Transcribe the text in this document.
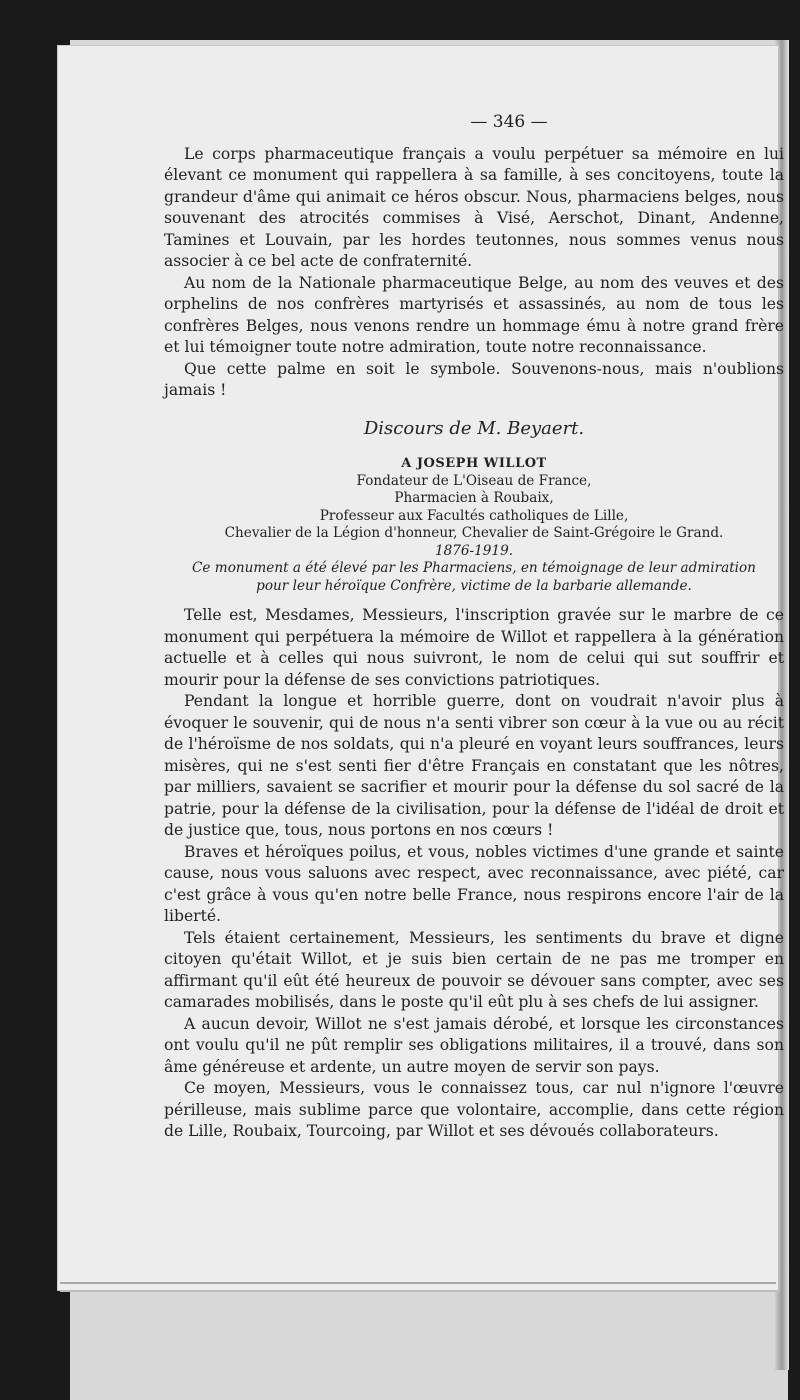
— 346 —

Le corps pharmaceutique français a voulu perpétuer sa mémoire en lui élevant ce monument qui rappellera à sa famille, à ses concitoyens, toute la grandeur d'âme qui animait ce héros obscur. Nous, pharmaciens belges, nous souvenant des atrocités commises à Visé, Aerschot, Dinant, Andenne, Tamines et Louvain, par les hordes teutonnes, nous sommes venus nous associer à ce bel acte de confraternité.

Au nom de la Nationale pharmaceutique Belge, au nom des veuves et des orphelins de nos confrères martyrisés et assassinés, au nom de tous les confrères Belges, nous venons rendre un hommage ému à notre grand frère et lui témoigner toute notre admiration, toute notre reconnaissance.

Que cette palme en soit le symbole. Souvenons-nous, mais n'oublions jamais !

Discours de M. Beyaert.

A JOSEPH WILLOT
Fondateur de L'Oiseau de France,
Pharmacien à Roubaix,
Professeur aux Facultés catholiques de Lille,
Chevalier de la Légion d'honneur, Chevalier de Saint-Grégoire le Grand.
1876-1919.
Ce monument a été élevé par les Pharmaciens, en témoignage de leur admiration
pour leur héroïque Confrère, victime de la barbarie allemande.

Telle est, Mesdames, Messieurs, l'inscription gravée sur le marbre de ce monument qui perpétuera la mémoire de Willot et rappellera à la génération actuelle et à celles qui nous suivront, le nom de celui qui sut souffrir et mourir pour la défense de ses convictions patriotiques.

Pendant la longue et horrible guerre, dont on voudrait n'avoir plus à évoquer le souvenir, qui de nous n'a senti vibrer son cœur à la vue ou au récit de l'héroïsme de nos soldats, qui n'a pleuré en voyant leurs souffrances, leurs misères, qui ne s'est senti fier d'être Français en constatant que les nôtres, par milliers, savaient se sacrifier et mourir pour la défense du sol sacré de la patrie, pour la défense de la civilisation, pour la défense de l'idéal de droit et de justice que, tous, nous portons en nos cœurs !

Braves et héroïques poilus, et vous, nobles victimes d'une grande et sainte cause, nous vous saluons avec respect, avec reconnaissance, avec piété, car c'est grâce à vous qu'en notre belle France, nous respirons encore l'air de la liberté.

Tels étaient certainement, Messieurs, les sentiments du brave et digne citoyen qu'était Willot, et je suis bien certain de ne pas me tromper en affirmant qu'il eût été heureux de pouvoir se dévouer sans compter, avec ses camarades mobilisés, dans le poste qu'il eût plu à ses chefs de lui assigner.

A aucun devoir, Willot ne s'est jamais dérobé, et lorsque les circonstances ont voulu qu'il ne pût remplir ses obligations militaires, il a trouvé, dans son âme généreuse et ardente, un autre moyen de servir son pays.

Ce moyen, Messieurs, vous le connaissez tous, car nul n'ignore l'œuvre périlleuse, mais sublime parce que volontaire, accomplie, dans cette région de Lille, Roubaix, Tourcoing, par Willot et ses dévoués collaborateurs.
